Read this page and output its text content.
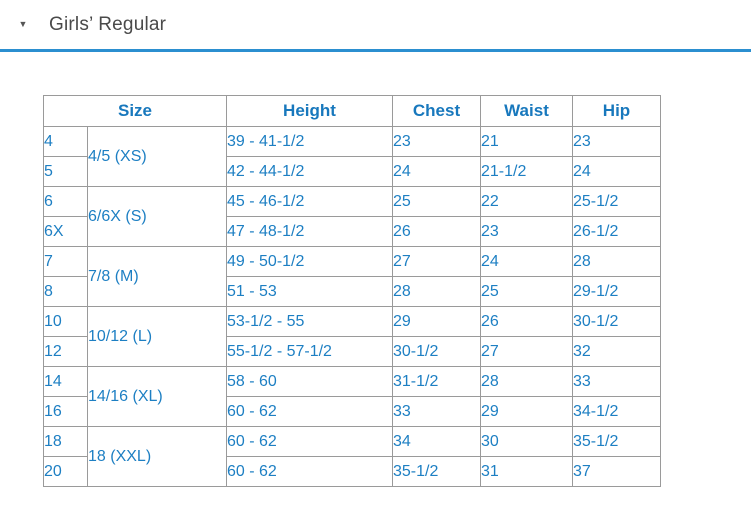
▼ Girls’ Regular
Size		Height	Chest	Waist	Hip
4	4/5 (XS)	39 - 41-1/2	23	21	23
5		42 - 44-1/2	24	21-1/2	24
6	6/6X (S)	45 - 46-1/2	25	22	25-1/2
6X		47 - 48-1/2	26	23	26-1/2
7	7/8 (M)	49 - 50-1/2	27	24	28
8		51 - 53	28	25	29-1/2
10	10/12 (L)	53-1/2 - 55	29	26	30-1/2
12		55-1/2 - 57-1/2	30-1/2	27	32
14	14/16 (XL)	58 - 60	31-1/2	28	33
16		60 - 62	33	29	34-1/2
18	18 (XXL)	60 - 62	34	30	35-1/2
20		60 - 62	35-1/2	31	37
